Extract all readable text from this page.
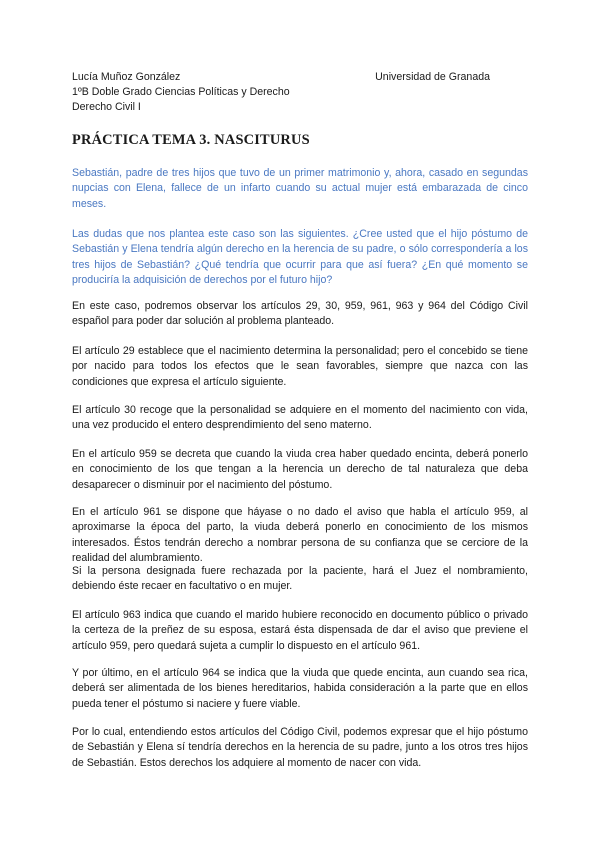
Lucía Muñoz González	Universidad de Granada
1ºB Doble Grado Ciencias Políticas y Derecho
Derecho Civil I
PRÁCTICA TEMA 3. NASCITURUS

Sebastián, padre de tres hijos que tuvo de un primer matrimonio y, ahora, casado en segundas nupcias con Elena, fallece de un infarto cuando su actual mujer está embarazada de cinco meses.

Las dudas que nos plantea este caso son las siguientes. ¿Cree usted que el hijo póstumo de Sebastián y Elena tendría algún derecho en la herencia de su padre, o sólo correspondería a los tres hijos de Sebastián? ¿Qué tendría que ocurrir para que así fuera? ¿En qué momento se produciría la adquisición de derechos por el futuro hijo?

En este caso, podremos observar los artículos 29, 30, 959, 961, 963 y 964 del Código Civil español para poder dar solución al problema planteado.

El artículo 29 establece que el nacimiento determina la personalidad; pero el concebido se tiene por nacido para todos los efectos que le sean favorables, siempre que nazca con las condiciones que expresa el artículo siguiente.

El artículo 30 recoge que la personalidad se adquiere en el momento del nacimiento con vida, una vez producido el entero desprendimiento del seno materno.

En el artículo 959 se decreta que cuando la viuda crea haber quedado encinta, deberá ponerlo en conocimiento de los que tengan a la herencia un derecho de tal naturaleza que deba desaparecer o disminuir por el nacimiento del póstumo.

En el artículo 961 se dispone que háyase o no dado el aviso que habla el artículo 959, al aproximarse la época del parto, la viuda deberá ponerlo en conocimiento de los mismos interesados. Éstos tendrán derecho a nombrar persona de su confianza que se cerciore de la realidad del alumbramiento.

Si la persona designada fuere rechazada por la paciente, hará el Juez el nombramiento, debiendo éste recaer en facultativo o en mujer.

El artículo 963 indica que cuando el marido hubiere reconocido en documento público o privado la certeza de la preñez de su esposa, estará ésta dispensada de dar el aviso que previene el artículo 959, pero quedará sujeta a cumplir lo dispuesto en el artículo 961.

Y por último, en el artículo 964 se indica que la viuda que quede encinta, aun cuando sea rica, deberá ser alimentada de los bienes hereditarios, habida consideración a la parte que en ellos pueda tener el póstumo si naciere y fuere viable.

Por lo cual, entendiendo estos artículos del Código Civil, podemos expresar que el hijo póstumo de Sebastián y Elena sí tendría derechos en la herencia de su padre, junto a los otros tres hijos de Sebastián. Estos derechos los adquiere al momento de nacer con vida.
